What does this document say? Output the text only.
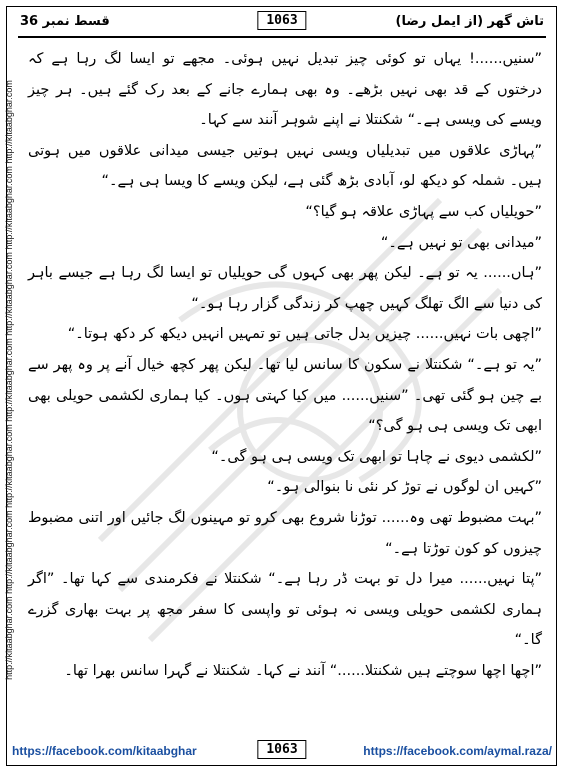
قسط نمبر 36	1063	تاش گھر (از ایمل رضا)
http://kitaabghar.com http://kitaabghar.com http://kitaabghar.com http://kitaabghar.com http://kitaabghar.com http://kitaabghar.com http://kitaabghar.com

”سنیں......! یہاں تو کوئی چیز تبدیل نہیں ہوئی۔ مجھے تو ایسا لگ رہا ہے کہ درختوں کے قد بھی نہیں بڑھے۔ وہ بھی ہمارے جانے کے بعد رک گئے ہیں۔ ہر چیز ویسے کی ویسی ہے۔“ شکنتلا نے اپنے شوہر آنند سے کہا۔

”پہاڑی علاقوں میں تبدیلیاں ویسی نہیں ہوتیں جیسی میدانی علاقوں میں ہوتی ہیں۔ شملہ کو دیکھ لو، آبادی بڑھ گئی ہے، لیکن ویسے کا ویسا ہی ہے۔“

”حویلیاں کب سے پہاڑی علاقہ ہو گیا؟“

”میدانی بھی تو نہیں ہے۔“

”ہاں...... یہ تو ہے۔ لیکن پھر بھی کہوں گی حویلیاں تو ایسا لگ رہا ہے جیسے باہر کی دنیا سے الگ تھلگ کہیں چھپ کر زندگی گزار رہا ہو۔“

”اچھی بات نہیں...... چیزیں بدل جاتی ہیں تو تمہیں انہیں دیکھ کر دکھ ہوتا۔“

”یہ تو ہے۔“ شکنتلا نے سکون کا سانس لیا تھا۔ لیکن پھر کچھ خیال آنے پر وہ پھر سے بے چین ہو گئی تھی۔ ”سنیں...... میں کیا کہتی ہوں۔ کیا ہماری لکشمی حویلی بھی ابھی تک ویسی ہی ہو گی؟“

”لکشمی دیوی نے چاہا تو ابھی تک ویسی ہی ہو گی۔“

”کہیں ان لوگوں نے توڑ کر نئی نا بنوالی ہو۔“

”بہت مضبوط تھی وہ...... توڑنا شروع بھی کرو تو مہینوں لگ جائیں اور اتنی مضبوط چیزوں کو کون توڑتا ہے۔“

”پتا نہیں...... میرا دل تو بہت ڈر رہا ہے۔“ شکنتلا نے فکرمندی سے کہا تھا۔ ”اگر ہماری لکشمی حویلی ویسی نہ ہوئی تو واپسی کا سفر مجھ پر بہت بھاری گزرے گا۔“

”اچھا اچھا سوچتے ہیں شکنتلا......“ آنند نے کہا۔ شکنتلا نے گہرا سانس بھرا تھا۔

https://facebook.com/kitaabghar	1063	https://facebook.com/aymal.raza/
